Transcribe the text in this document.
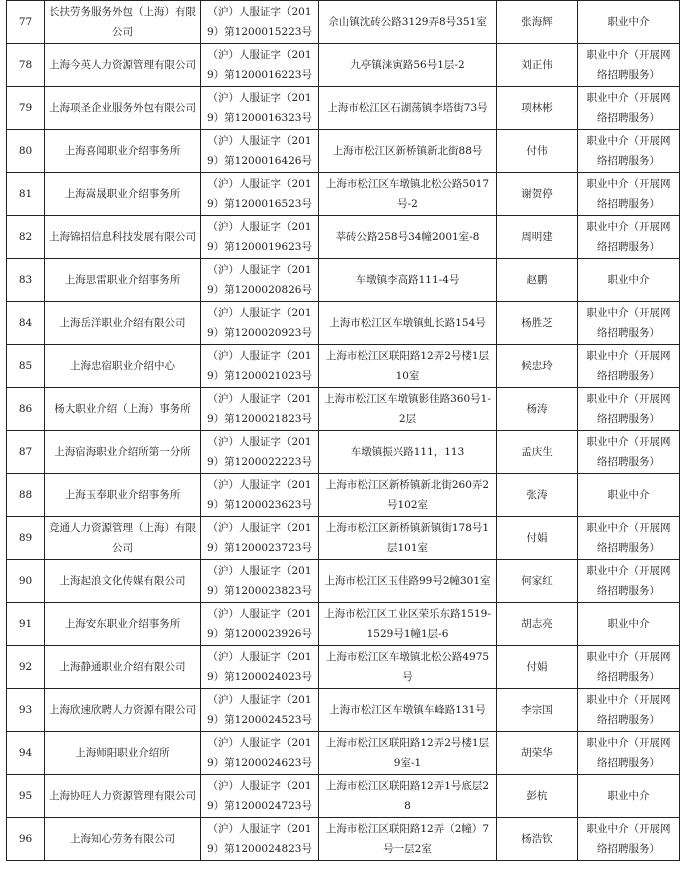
77	长扶劳务服务外包（上海）有限公司	（沪）人服证字（2019）第1200015223号	佘山镇沈砖公路3129弄8号351室	张海辉	职业中介
78	上海今英人力资源管理有限公司	（沪）人服证字（2019）第1200016223号	九亭镇涞寅路56号1层-2	刘正伟	职业中介（开展网络招聘服务）
79	上海项圣企业服务外包有限公司	（沪）人服证字（2019）第1200016323号	上海市松江区石湖荡镇李塔街73号	项林彬	职业中介（开展网络招聘服务）
80	上海喜闻职业介绍事务所	（沪）人服证字（2019）第1200016426号	上海市松江区新桥镇新北街88号	付伟	职业中介（开展网络招聘服务）
81	上海嵩晟职业介绍事务所	（沪）人服证字（2019）第1200016523号	上海市松江区车墩镇北松公路5017号-2	谢贺停	职业中介（开展网络招聘服务）
82	上海锦招信息科技发展有限公司	（沪）人服证字（2019）第1200019623号	莘砖公路258号34幢2001室-8	周明建	职业中介（开展网络招聘服务）
83	上海思雷职业介绍事务所	（沪）人服证字（2019）第1200020826号	车墩镇李高路111-4号	赵鹏	职业中介
84	上海岳洋职业介绍有限公司	（沪）人服证字（2019）第1200020923号	上海市松江区车墩镇虬长路154号	杨胜芝	职业中介（开展网络招聘服务）
85	上海忠宿职业介绍中心	（沪）人服证字（2019）第1200021023号	上海市松江区联阳路12弄2号楼1层10室	候忠玲	职业中介（开展网络招聘服务）
86	杨大职业介绍（上海）事务所	（沪）人服证字（2019）第1200021823号	上海市松江区车墩镇影佳路360号1-2层	杨涛	职业中介（开展网络招聘服务）
87	上海宿海职业介绍所第一分所	（沪）人服证字（2019）第1200022223号	车墩镇振兴路111，113	孟庆生	职业中介（开展网络招聘服务）
88	上海玉奉职业介绍事务所	（沪）人服证字（2019）第1200023623号	上海市松江区新桥镇新北街260弄2号102室	张涛	职业中介
89	竞通人力资源管理（上海）有限公司	（沪）人服证字（2019）第1200023723号	上海市松江区新桥镇新镇街178号1层101室	付娟	职业中介（开展网络招聘服务）
90	上海起浪文化传媒有限公司	（沪）人服证字（2019）第1200023823号	上海市松江区玉佳路99号2幢301室	何家红	职业中介（开展网络招聘服务）
91	上海安东职业介绍事务所	（沪）人服证字（2019）第1200023926号	上海市松江区工业区荣乐东路1519-1529号1幢1层-6	胡志亮	职业中介
92	上海静通职业介绍有限公司	（沪）人服证字（2019）第1200024023号	上海市松江区车墩镇北松公路4975号	付娟	职业中介（开展网络招聘服务）
93	上海欣速欣聘人力资源有限公司	（沪）人服证字（2019）第1200024523号	上海市松江区车墩镇车峰路131号	李宗国	职业中介（开展网络招聘服务）
94	上海师阳职业介绍所	（沪）人服证字（2019）第1200024623号	上海市松江区联阳路12弄2号楼1层9室-1	胡荣华	职业中介（开展网络招聘服务）
95	上海协旺人力资源管理有限公司	（沪）人服证字（2019）第1200024723号	上海市松江区联阳路12弄1号底层28	彭杭	职业中介
96	上海知心劳务有限公司	（沪）人服证字（2019）第1200024823号	上海市松江区联阳路12弄（2幢）7号一层2室	杨浩钦	职业中介（开展网络招聘服务）
